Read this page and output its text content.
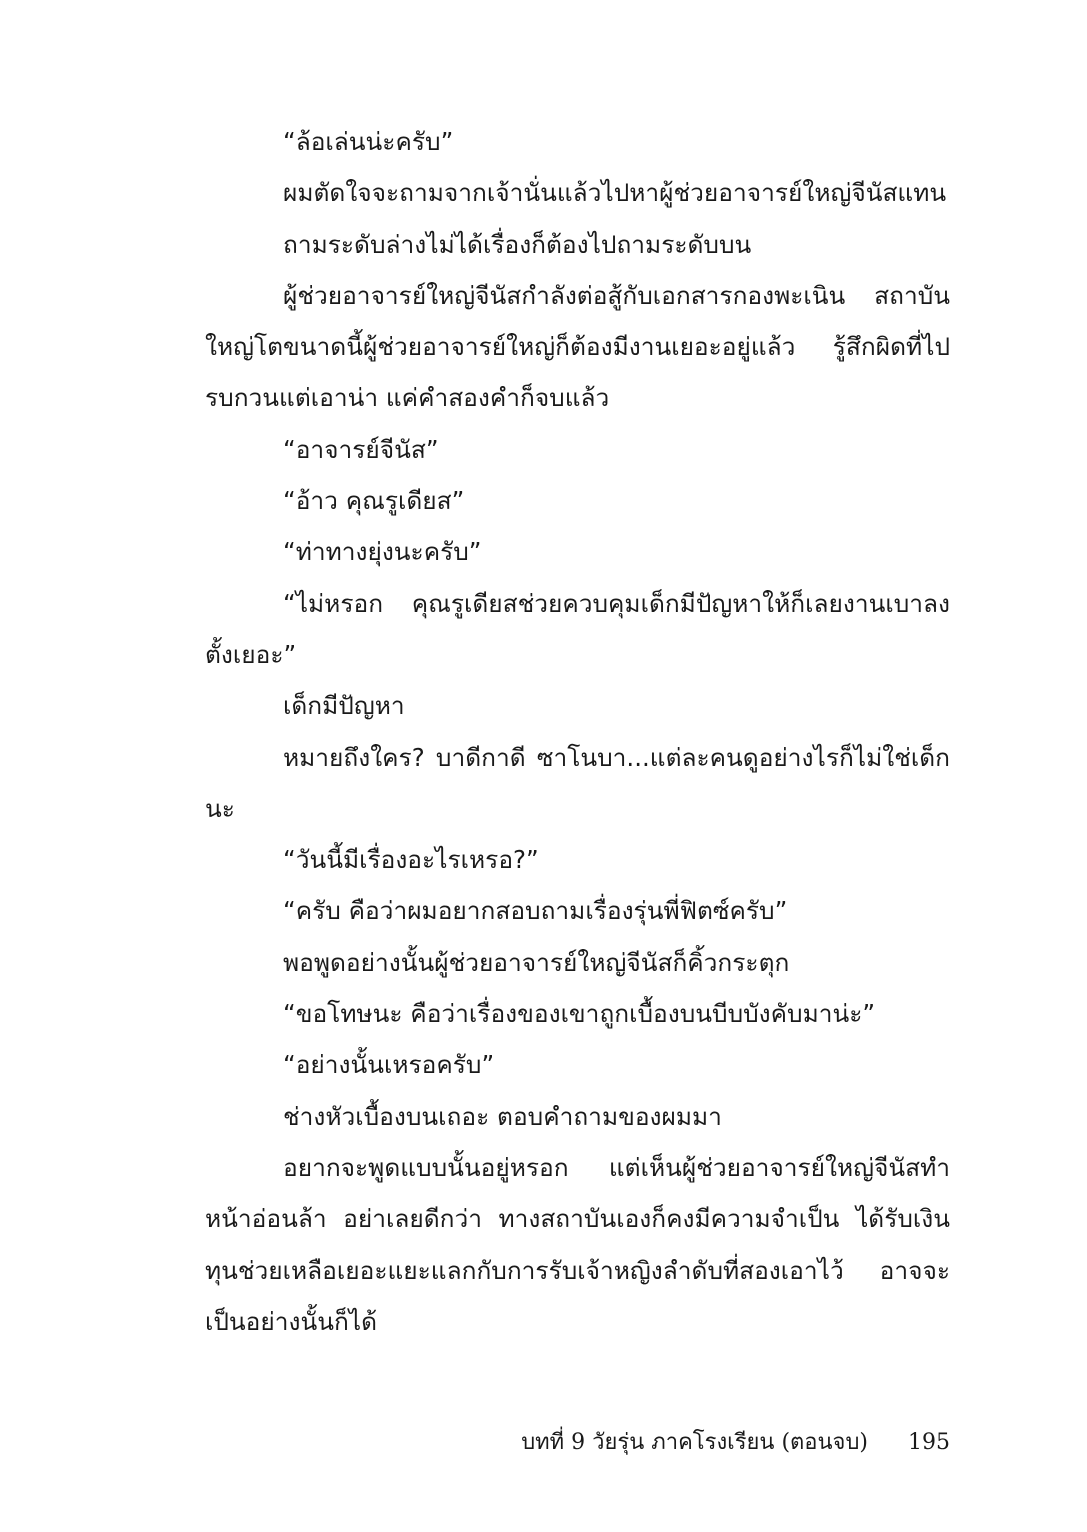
“ล้อเล่นน่ะครับ”

ผมตัดใจจะถามจากเจ้านั่นแล้วไปหาผู้ช่วยอาจารย์ใหญ่จีนัสแทน

ถามระดับล่างไม่ได้เรื่องก็ต้องไปถามระดับบน

ผู้ช่วยอาจารย์ใหญ่จีนัสกำลังต่อสู้กับเอกสารกองพะเนิน สถาบันใหญ่โตขนาดนี้ผู้ช่วยอาจารย์ใหญ่ก็ต้องมีงานเยอะอยู่แล้ว รู้สึกผิดที่ไปรบกวนแต่เอาน่า แค่คำสองคำก็จบแล้ว

“อาจารย์จีนัส”

“อ้าว คุณรูเดียส”

“ท่าทางยุ่งนะครับ”

“ไม่หรอก คุณรูเดียสช่วยควบคุมเด็กมีปัญหาให้ก็เลยงานเบาลงตั้งเยอะ”

เด็กมีปัญหา

หมายถึงใคร? บาดีกาดี ซาโนบา...แต่ละคนดูอย่างไรก็ไม่ใช่เด็กนะ

“วันนี้มีเรื่องอะไรเหรอ?”

“ครับ คือว่าผมอยากสอบถามเรื่องรุ่นพี่ฟิตซ์ครับ”

พอพูดอย่างนั้นผู้ช่วยอาจารย์ใหญ่จีนัสก็คิ้วกระตุก

“ขอโทษนะ คือว่าเรื่องของเขาถูกเบื้องบนบีบบังคับมาน่ะ”

“อย่างนั้นเหรอครับ”

ช่างหัวเบื้องบนเถอะ ตอบคำถามของผมมา

อยากจะพูดแบบนั้นอยู่หรอก แต่เห็นผู้ช่วยอาจารย์ใหญ่จีนัสทำหน้าอ่อนล้า อย่าเลยดีกว่า ทางสถาบันเองก็คงมีความจำเป็น ได้รับเงินทุนช่วยเหลือเยอะแยะแลกกับการรับเจ้าหญิงลำดับที่สองเอาไว้ อาจจะเป็นอย่างนั้นก็ได้

บทที่ 9 วัยรุ่น ภาคโรงเรียน (ตอนจบ) 195
